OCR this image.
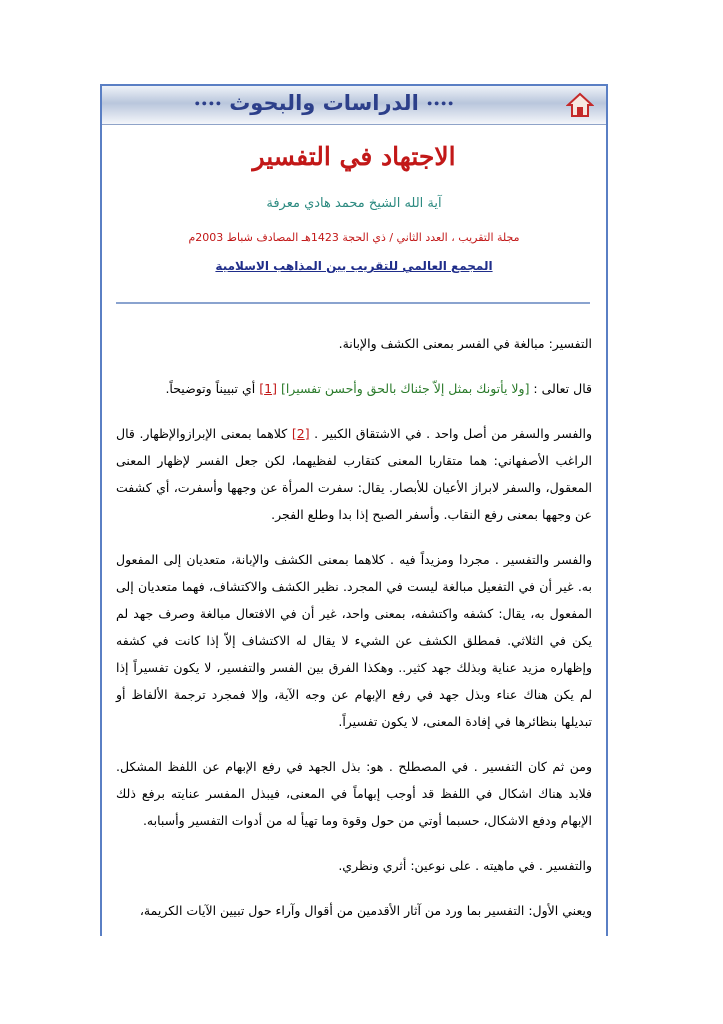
•••• الدراسات والبحوث ••••
الاجتهاد في التفسير
آية الله الشيخ محمد هادي معرفة
مجلة التقريب ، العدد الثاني / ذي الحجة 1423هـ المصادف شباط 2003م
المجمع العالمي للتقريب بين المذاهب الاسلامية

التفسير: مبالغة في الفسر بمعنى الكشف والإبانة.

قال تعالى : [ولا يأتونك بمثل إلاّ جئناك بالحق وأحسن تفسيرا] [1] أي تبييناً وتوضيحاً.

والفسر والسفر من أصل واحد . في الاشتقاق الكبير . [2] كلاهما بمعنى الإبرازوالإظهار. قال الراغب الأصفهاني: هما متقاربا المعنى كتقارب لفظيهما، لكن جعل الفسر لإظهار المعنى المعقول، والسفر لابراز الأعيان للأبصار. يقال: سفرت المرأة عن وجهها وأسفرت، أي كشفت عن وجهها بمعنى رفع النقاب. وأسفر الصبح إذا بدا وطلع الفجر.

والفسر والتفسير . مجردا ومزيداً فيه . كلاهما بمعنى الكشف والإبانة، متعديان إلى المفعول به. غير أن في التفعيل مبالغة ليست في المجرد. نظير الكشف والاكتشاف، فهما متعديان إلى المفعول به، يقال: كشفه واكتشفه، بمعنى واحد، غير أن في الافتعال مبالغة وصرف جهد لم يكن في الثلاثي. فمطلق الكشف عن الشيء لا يقال له الاكتشاف إلاّ إذا كانت في كشفه وإظهاره مزيد عناية وبذلك جهد كثير.. وهكذا الفرق بين الفسر والتفسير، لا يكون تفسيراً إذا لم يكن هناك عناء وبذل جهد في رفع الإبهام عن وجه الآية، وإلا فمجرد ترجمة الألفاظ أو تبديلها بنظائرها في إفادة المعنى، لا يكون تفسيراً.

ومن ثم كان التفسير . في المصطلح . هو: بذل الجهد في رفع الإبهام عن اللفظ المشكل. فلابد هناك اشكال في اللفظ قد أوجب إبهاماً في المعنى، فيبذل المفسر عنايته برفع ذلك الإبهام ودفع الاشكال، حسبما أوتي من حول وقوة وما تهيأ له من أدوات التفسير وأسبابه.

والتفسير . في ماهيته . على نوعين: أثري ونظري.

ويعني الأول: التفسير بما ورد من آثار الأقدمين من أقوال وآراء حول تبيين الآيات الكريمة،
